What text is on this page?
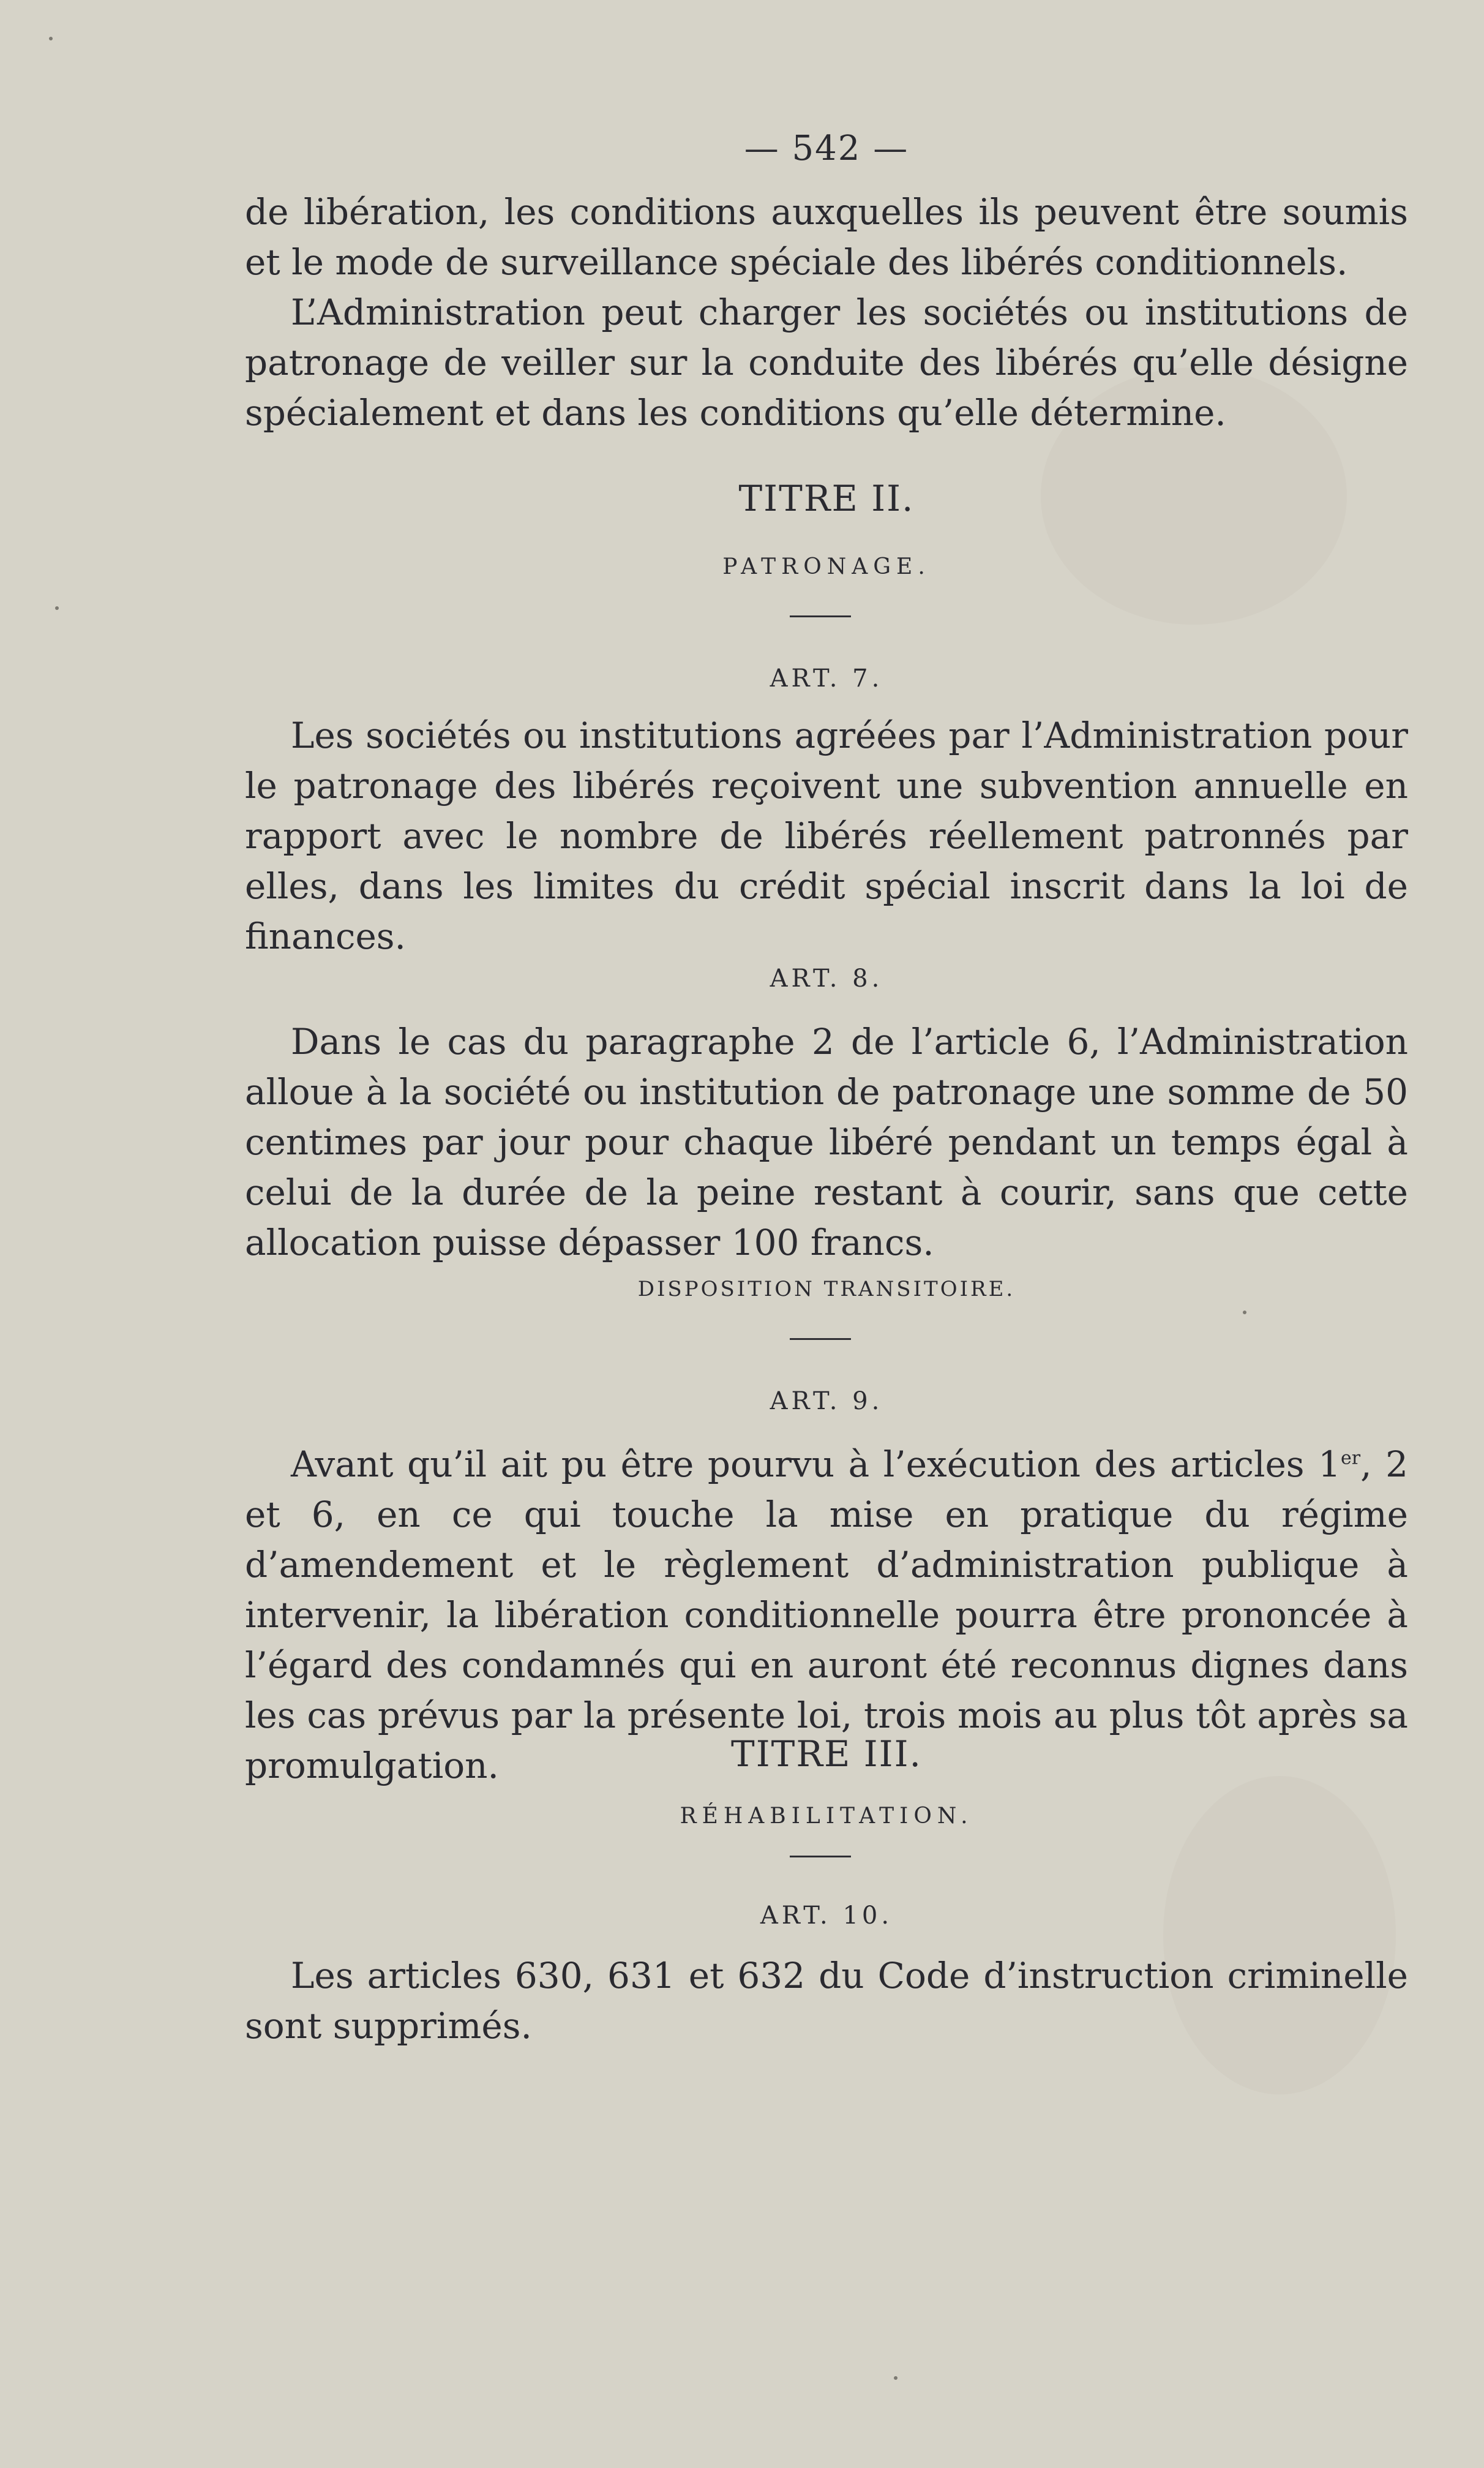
— 542 —

de libération, les conditions auxquelles ils peuvent être soumis et le mode de surveillance spéciale des libérés conditionnels.

L’Administration peut charger les sociétés ou institutions de patronage de veiller sur la conduite des libérés qu’elle désigne spécialement et dans les conditions qu’elle détermine.

TITRE II.
PATRONAGE.
ART. 7.

Les sociétés ou institutions agréées par l’Administration pour le patronage des libérés reçoivent une subvention annuelle en rapport avec le nombre de libérés réellement patronnés par elles, dans les limites du crédit spécial inscrit dans la loi de finances.

ART. 8.

Dans le cas du paragraphe 2 de l’article 6, l’Administration alloue à la société ou institution de patronage une somme de 50 centimes par jour pour chaque libéré pendant un temps égal à celui de la durée de la peine restant à courir, sans que cette allocation puisse dépasser 100 francs.

DISPOSITION TRANSITOIRE.
ART. 9.

Avant qu’il ait pu être pourvu à l’exécution des articles 1er, 2 et 6, en ce qui touche la mise en pratique du régime d’amendement et le règlement d’administration publique à intervenir, la libération conditionnelle pourra être prononcée à l’égard des condamnés qui en auront été reconnus dignes dans les cas prévus par la présente loi, trois mois au plus tôt après sa promulgation.	TITRE III.
RÉHABILITATION.
ART. 10.

Les articles 630, 631 et 632 du Code d’instruction criminelle sont supprimés.
